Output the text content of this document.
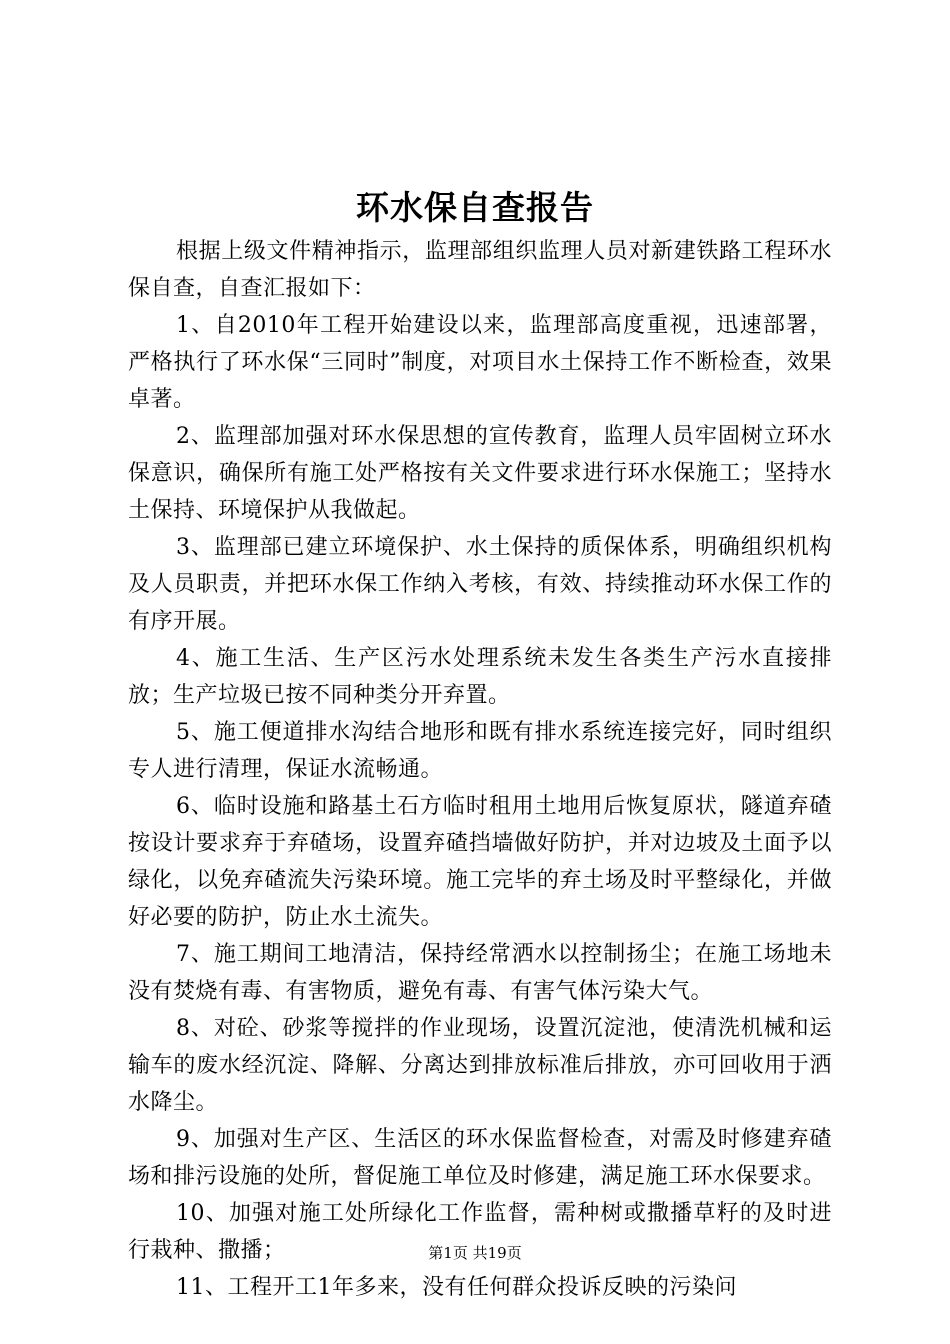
环水保自查报告

根据上级文件精神指示，监理部组织监理人员对新建铁路工程环水保自查，自查汇报如下：

1、自2010年工程开始建设以来，监理部高度重视，迅速部署，严格执行了环水保“三同时”制度，对项目水土保持工作不断检查，效果卓著。

2、监理部加强对环水保思想的宣传教育，监理人员牢固树立环水保意识，确保所有施工处严格按有关文件要求进行环水保施工；坚持水土保持、环境保护从我做起。

3、监理部已建立环境保护、水土保持的质保体系，明确组织机构及人员职责，并把环水保工作纳入考核，有效、持续推动环水保工作的有序开展。

4、施工生活、生产区污水处理系统未发生各类生产污水直接排放；生产垃圾已按不同种类分开弃置。

5、施工便道排水沟结合地形和既有排水系统连接完好，同时组织专人进行清理，保证水流畅通。

6、临时设施和路基土石方临时租用土地用后恢复原状，隧道弃碴按设计要求弃于弃碴场，设置弃碴挡墙做好防护，并对边坡及土面予以绿化，以免弃碴流失污染环境。施工完毕的弃土场及时平整绿化，并做好必要的防护，防止水土流失。

7、施工期间工地清洁，保持经常洒水以控制扬尘；在施工场地未没有焚烧有毒、有害物质，避免有毒、有害气体污染大气。

8、对砼、砂浆等搅拌的作业现场，设置沉淀池，使清洗机械和运输车的废水经沉淀、降解、分离达到排放标准后排放，亦可回收用于洒水降尘。

9、加强对生产区、生活区的环水保监督检查，对需及时修建弃碴场和排污设施的处所，督促施工单位及时修建，满足施工环水保要求。

10、加强对施工处所绿化工作监督，需种树或撒播草籽的及时进行栽种、撒播；

11、工程开工1年多来，没有任何群众投诉反映的污染问

第1页 共19页
